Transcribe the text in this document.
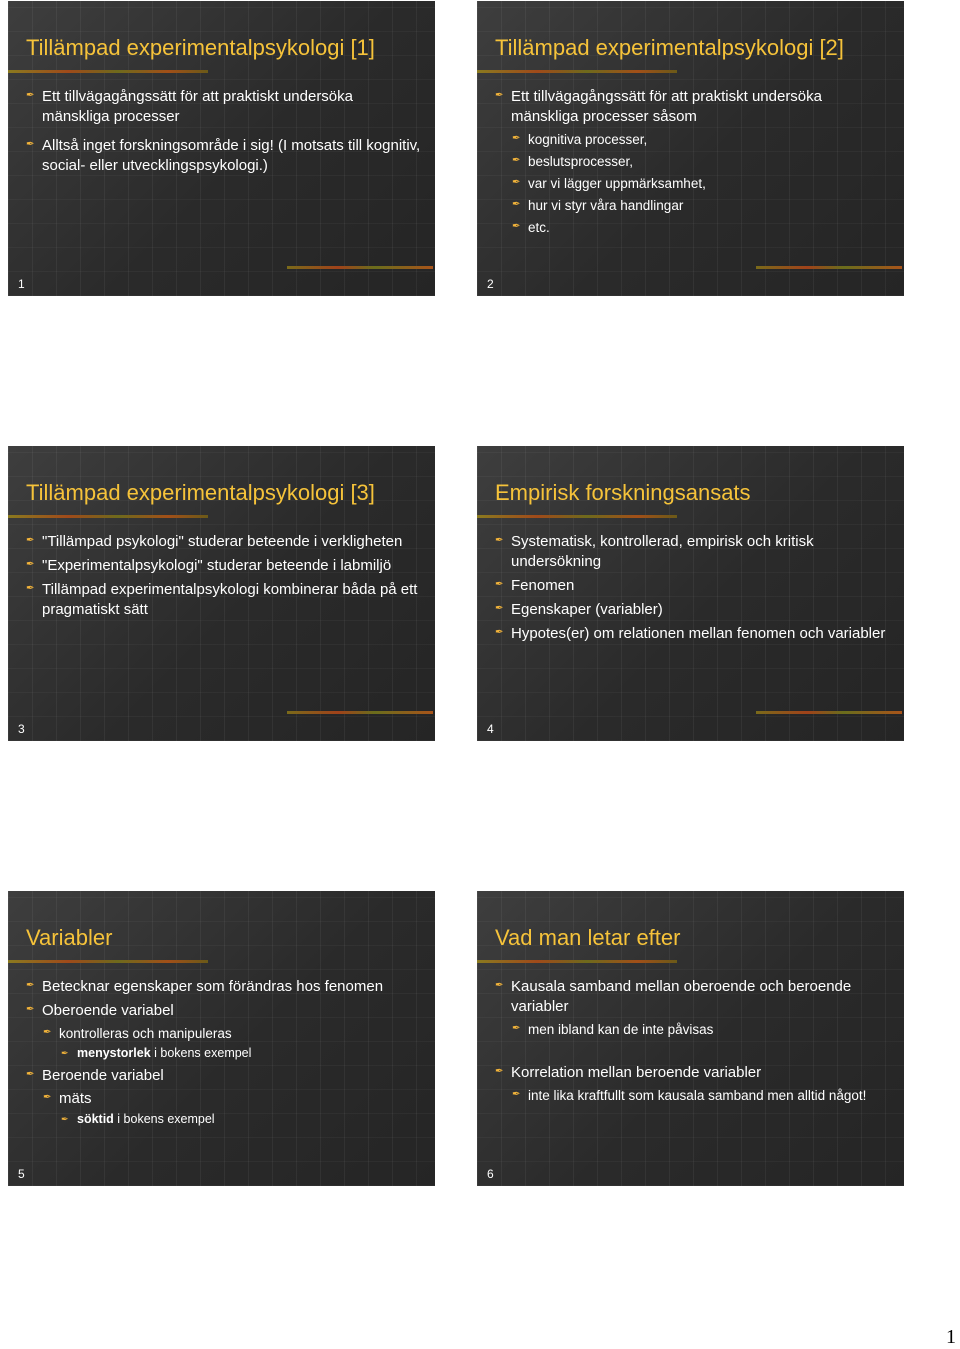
Tillämpad experimentalpsykologi [1]
✒ Ett tillvägagångssätt för att praktiskt undersöka mänskliga processer
✒ Alltså inget forskningsområde i sig! (I motsats till kognitiv, social- eller utvecklingspsykologi.)
1
Tillämpad experimentalpsykologi [2]
✒ Ett tillvägagångssätt för att praktiskt undersöka mänskliga processer såsom
✒ kognitiva processer,
✒ beslutsprocesser,
✒ var vi lägger uppmärksamhet,
✒ hur vi styr våra handlingar
✒ etc.
2
Tillämpad experimentalpsykologi [3]
✒ "Tillämpad psykologi" studerar beteende i verkligheten
✒ "Experimentalpsykologi" studerar beteende i labmiljö
✒ Tillämpad experimentalpsykologi kombinerar båda på ett pragmatiskt sätt
3
Empirisk forskningsansats
✒ Systematisk, kontrollerad, empirisk och kritisk undersökning
✒ Fenomen
✒ Egenskaper (variabler)
✒ Hypotes(er) om relationen mellan fenomen och variabler
4
Variabler
✒ Betecknar egenskaper som förändras hos fenomen
✒ Oberoende variabel
✒ kontrolleras och manipuleras
✒ menystorlek i bokens exempel
✒ Beroende variabel
✒ mäts
✒ söktid i bokens exempel
5
Vad man letar efter
✒ Kausala samband mellan oberoende och beroende variabler
✒ men ibland kan de inte påvisas
✒ Korrelation mellan beroende variabler
✒ inte lika kraftfullt som kausala samband men alltid något!
6
1
